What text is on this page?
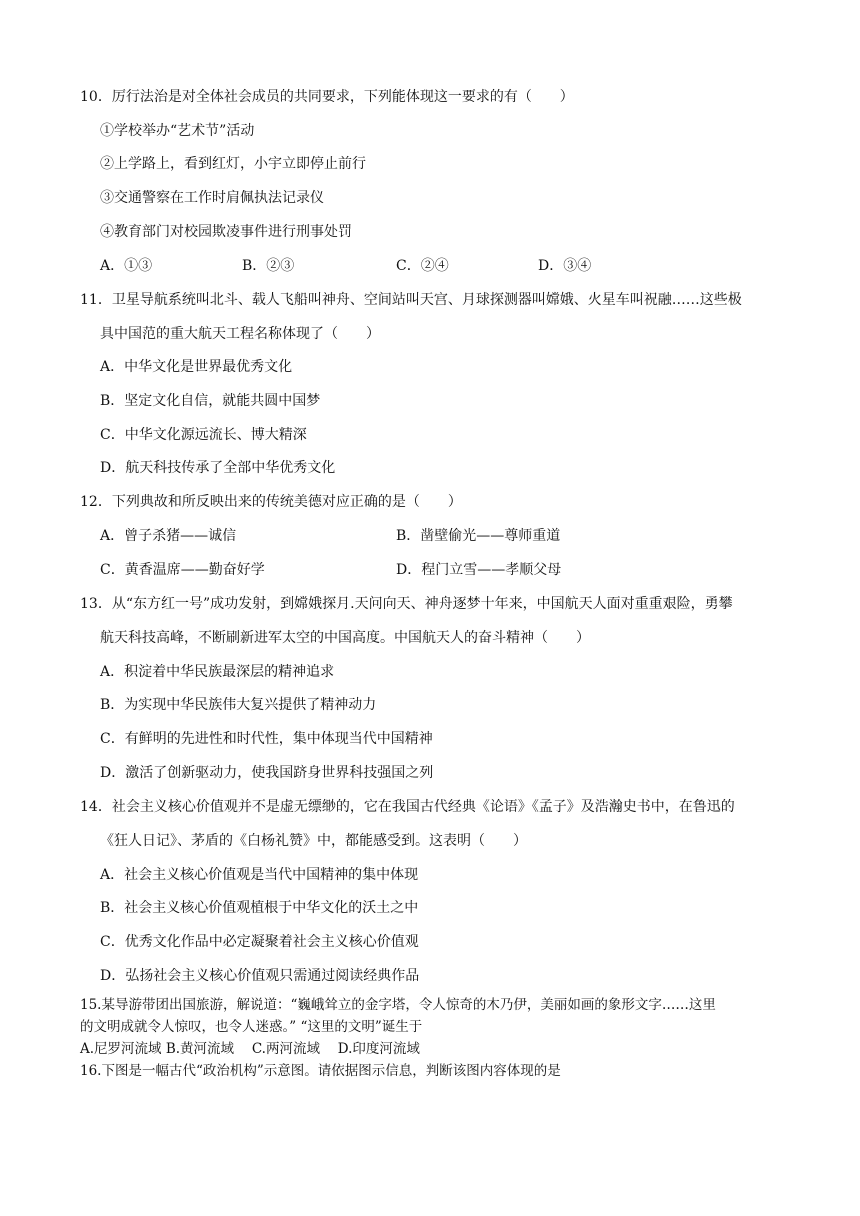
10．厉行法治是对全体社会成员的共同要求，下列能体现这一要求的有（　　）
①学校举办“艺术节”活动
②上学路上，看到红灯，小宇立即停止前行
③交通警察在工作时肩佩执法记录仪
④教育部门对校园欺凌事件进行刑事处罚
A．①③	B．②③	C．②④	D．③④
11．卫星导航系统叫北斗、载人飞船叫神舟、空间站叫天宫、月球探测器叫嫦娥、火星车叫祝融……这些极
具中国范的重大航天工程名称体现了（　　）
A．中华文化是世界最优秀文化
B．坚定文化自信，就能共圆中国梦
C．中华文化源远流长、博大精深
D．航天科技传承了全部中华优秀文化
12．下列典故和所反映出来的传统美德对应正确的是（　　）
A．曾子杀猪——诚信	B．凿壁偷光——尊师重道
C．黄香温席——勤奋好学	D．程门立雪——孝顺父母
13．从“东方红一号”成功发射，到嫦娥探月.天问向天、神舟逐梦十年来，中国航天人面对重重艰险，勇攀
航天科技高峰，不断刷新进军太空的中国高度。中国航天人的奋斗精神（　　）
A．积淀着中华民族最深层的精神追求
B．为实现中华民族伟大复兴提供了精神动力
C．有鲜明的先进性和时代性，集中体现当代中国精神
D．激活了创新驱动力，使我国跻身世界科技强国之列
14．社会主义核心价值观并不是虚无缥缈的，它在我国古代经典《论语》《孟子》及浩瀚史书中，在鲁迅的
《狂人日记》、茅盾的《白杨礼赞》中，都能感受到。这表明（　　）
A．社会主义核心价值观是当代中国精神的集中体现
B．社会主义核心价值观植根于中华文化的沃土之中
C．优秀文化作品中必定凝聚着社会主义核心价值观
D．弘扬社会主义核心价值观只需通过阅读经典作品
15.某导游带团出国旅游，解说道：“巍峨耸立的金字塔，令人惊奇的木乃伊，美丽如画的象形文字……这里
的文明成就令人惊叹，也令人迷惑。” “这里的文明”诞生于
A.尼罗河流域 B.黄河流域　 C.两河流域　 D.印度河流域
16.下图是一幅古代“政治机构”示意图。请依据图示信息，判断该图内容体现的是
